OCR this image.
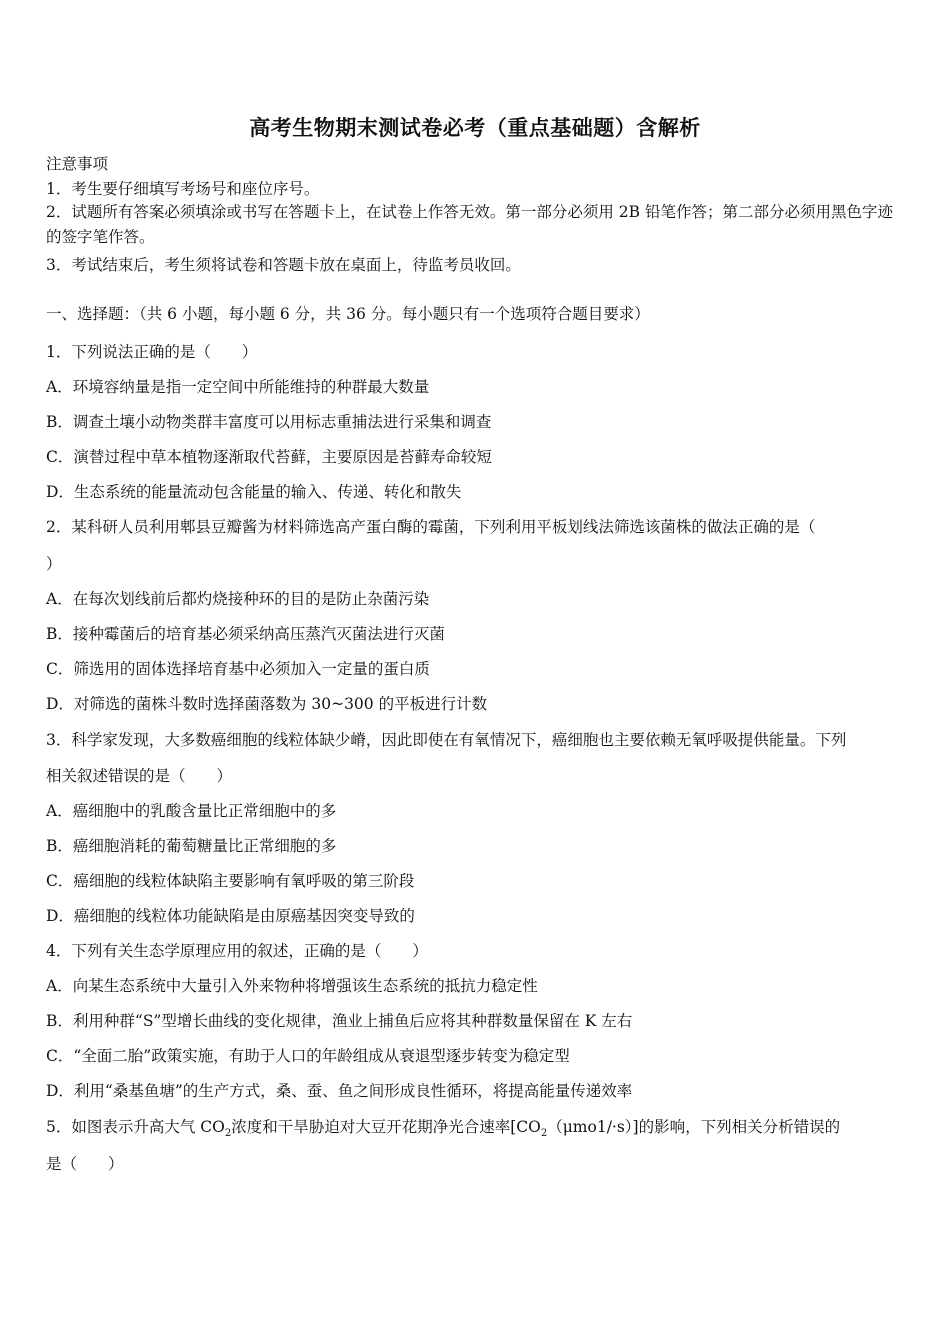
高考生物期末测试卷必考（重点基础题）含解析
注意事项
1．考生要仔细填写考场号和座位序号。
2．试题所有答案必须填涂或书写在答题卡上，在试卷上作答无效。第一部分必须用 2B 铅笔作答；第二部分必须用黑色字迹的签字笔作答。
3．考试结束后，考生须将试卷和答题卡放在桌面上，待监考员收回。
一、选择题：（共 6 小题，每小题 6 分，共 36 分。每小题只有一个选项符合题目要求）
1．下列说法正确的是（　　）
A．环境容纳量是指一定空间中所能维持的种群最大数量
B．调查土壤小动物类群丰富度可以用标志重捕法进行采集和调查
C．演替过程中草本植物逐渐取代苔藓，主要原因是苔藓寿命较短
D．生态系统的能量流动包含能量的输入、传递、转化和散失
2．某科研人员利用郫县豆瓣酱为材料筛选高产蛋白酶的霉菌，下列利用平板划线法筛选该菌株的做法正确的是（
）
A．在每次划线前后都灼烧接种环的目的是防止杂菌污染
B．接种霉菌后的培育基必须采纳高压蒸汽灭菌法进行灭菌
C．筛选用的固体选择培育基中必须加入一定量的蛋白质
D．对筛选的菌株斗数时选择菌落数为 30~300 的平板进行计数
3．科学家发现，大多数癌细胞的线粒体缺少嵴，因此即使在有氧情况下，癌细胞也主要依赖无氧呼吸提供能量。下列
相关叙述错误的是（　　）
A．癌细胞中的乳酸含量比正常细胞中的多
B．癌细胞消耗的葡萄糖量比正常细胞的多
C．癌细胞的线粒体缺陷主要影响有氧呼吸的第三阶段
D．癌细胞的线粒体功能缺陷是由原癌基因突变导致的
4．下列有关生态学原理应用的叙述，正确的是（　　）
A．向某生态系统中大量引入外来物种将增强该生态系统的抵抗力稳定性
B．利用种群“S”型增长曲线的变化规律，渔业上捕鱼后应将其种群数量保留在 K 左右
C．“全面二胎”政策实施，有助于人口的年龄组成从衰退型逐步转变为稳定型
D．利用“桑基鱼塘”的生产方式，桑、蚕、鱼之间形成良性循环，将提高能量传递效率
5．如图表示升高大气 $CO_2$浓度和干旱胁迫对大豆开花期净光合速率$[CO_2(\mu mo1/\cdot s)]$的影响，下列相关分析错误的
是（　　）
